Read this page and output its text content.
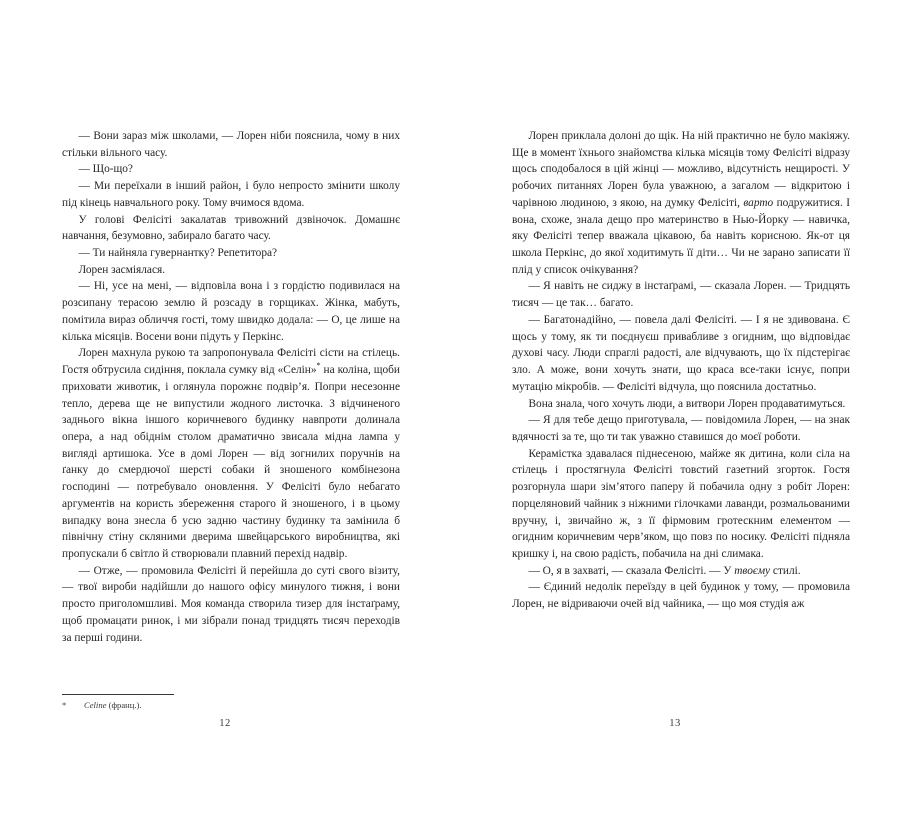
— Вони зараз між школами, — Лорен ніби пояснила, чому в них стільки вільного часу.

— Що-що?

— Ми переїхали в інший район, і було непросто змінити школу під кінець навчального року. Тому вчимося вдома.

У голові Фелісіті закалатав тривожний дзвіночок. Домашнє навчання, безумовно, забирало багато часу.

— Ти найняла гувернантку? Репетитора?

Лорен засміялася.

— Ні, усе на мені, — відповіла вона і з гордістю подивилася на розсипану терасою землю й розсаду в горщиках. Жінка, мабуть, помітила вираз обличчя гості, тому швидко додала: — О, це лише на кілька місяців. Восени вони підуть у Перкінс.

Лорен махнула рукою та запропонувала Фелісіті сісти на стілець. Гостя обтрусила сидіння, поклала сумку від «Селін»* на коліна, щоби приховати животик, і оглянула порожнє подвір’я. Попри несезонне тепло, дерева ще не випустили жодного листочка. З відчиненого заднього вікна іншого коричневого будинку навпроти долинала опера, а над обіднім столом драматично звисала мідна лампа у вигляді артишока. Усе в домі Лорен — від зогнилих поручнів на ґанку до смердючої шерсті собаки й зношеного комбінезона господині — потребувало оновлення. У Фелісіті було небагато аргументів на користь збереження старого й зношеного, і в цьому випадку вона знесла б усю задню частину будинку та замінила б північну стіну скляними дверима швейцарського виробництва, які пропускали б світло й створювали плавний перехід надвір.

— Отже, — промовила Фелісіті й перейшла до суті свого візиту, — твої вироби надійшли до нашого офісу минулого тижня, і вони просто приголомшливі. Моя команда створила тизер для інстаґраму, щоб промацати ринок, і ми зібрали понад тридцять тисяч переходів за перші години.

*	Celine (франц.).
12

Лорен приклала долоні до щік. На ній практично не було макіяжу. Ще в момент їхнього знайомства кілька місяців тому Фелісіті відразу щось сподобалося в цій жінці — можливо, відсутність нещирості. У робочих питаннях Лорен була уважною, а загалом — відкритою і чарівною людиною, з якою, на думку Фелісіті, варто подружитися. І вона, схоже, знала дещо про материнство в Нью-Йорку — навичка, яку Фелісіті тепер вважала цікавою, ба навіть корисною. Як-от ця школа Перкінс, до якої ходитимуть її діти… Чи не зарано записати її плід у список очікування?

— Я навіть не сиджу в інстаґрамі, — сказала Лорен. — Тридцять тисяч — це так… багато.

— Багатонадійно, — повела далі Фелісіті. — І я не здивована. Є щось у тому, як ти поєднуєш привабливе з огидним, що відповідає духові часу. Люди спраглі радості, але відчувають, що їх підстерігає зло. А може, вони хочуть знати, що краса все-таки існує, попри мутацію мікробів. — Фелісіті відчула, що пояснила достатньо.

Вона знала, чого хочуть люди, а витвори Лорен продаватимуться.

— Я для тебе дещо приготувала, — повідомила Лорен, — на знак вдячності за те, що ти так уважно ставишся до моєї роботи.

Керамістка здавалася піднесеною, майже як дитина, коли сіла на стілець і простягнула Фелісіті товстий газетний згорток. Гостя розгорнула шари зім’ятого паперу й побачила одну з робіт Лорен: порцеляновий чайник з ніжними гілочками лаванди, розмальованими вручну, і, звичайно ж, з її фірмовим гротескним елементом — огидним коричневим черв’яком, що повз по носику. Фелісіті підняла кришку і, на свою радість, побачила на дні слимака.

— О, я в захваті, — сказала Фелісіті. — У твоєму стилі.

— Єдиний недолік переїзду в цей будинок у тому, — промовила Лорен, не відриваючи очей від чайника, — що моя студія аж

13
